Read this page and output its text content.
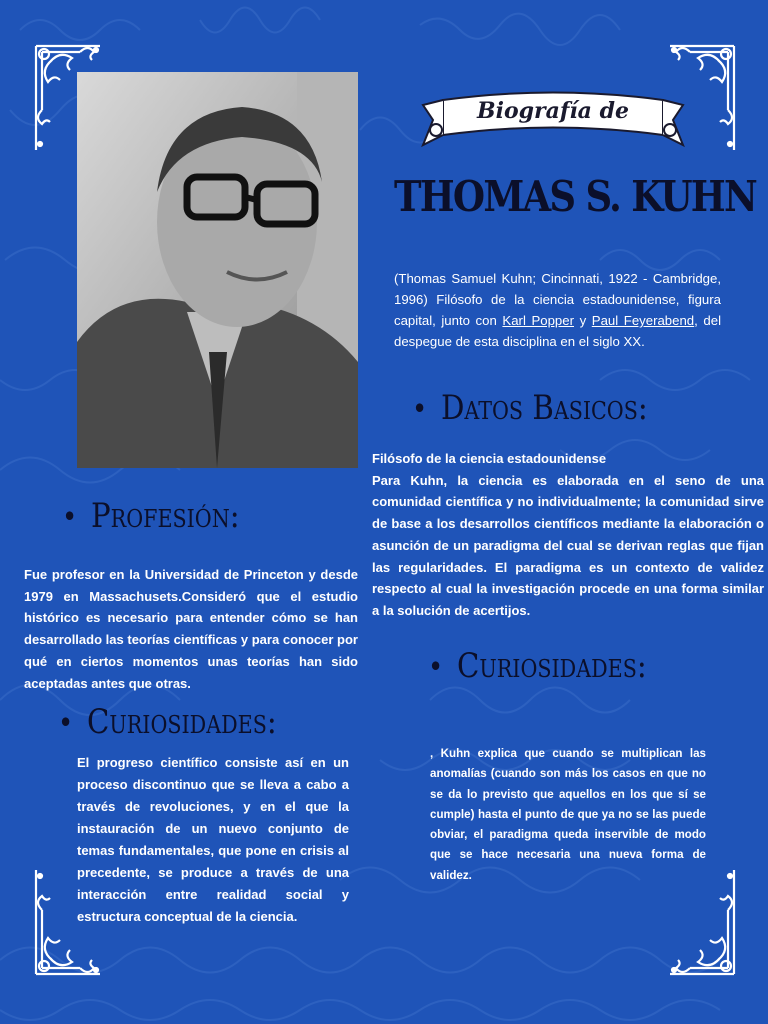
Biografía de
THOMAS S. KUHN
(Thomas Samuel Kuhn; Cincinnati, 1922 - Cambridge, 1996) Filósofo de la ciencia estadounidense, figura capital, junto con Karl Popper y Paul Feyerabend, del despegue de esta disciplina en el siglo XX.
• Datos Basicos:

Filósofo de la ciencia estadounidense

Para Kuhn, la ciencia es elaborada en el seno de una comunidad científica y no individualmente; la comunidad sirve de base a los desarrollos científicos mediante la elaboración o asunción de un paradigma del cual se derivan reglas que fijan las regularidades. El paradigma es un contexto de validez respecto al cual la investigación procede en una forma similar a la solución de acertijos.

• Profesión:

Fue profesor en la Universidad de Princeton y desde 1979 en Massachusets.Consideró que el estudio histórico es necesario para entender cómo se han desarrollado las teorías científicas y para conocer por qué en ciertos momentos unas teorías han sido aceptadas antes que otras.	• Curiosidades:

, Kuhn explica que cuando se multiplican las anomalías (cuando son más los casos en que no se da lo previsto que aquellos en los que sí se cumple) hasta el punto de que ya no se las puede obviar, el paradigma queda inservible de modo que se hace necesaria una nueva forma de validez.

• Curiosidades:

El progreso científico consiste así en un proceso discontinuo que se lleva a cabo a través de revoluciones, y en el que la instauración de un nuevo conjunto de temas fundamentales, que pone en crisis al precedente, se produce a través de una interacción entre realidad social y estructura conceptual de la ciencia.
